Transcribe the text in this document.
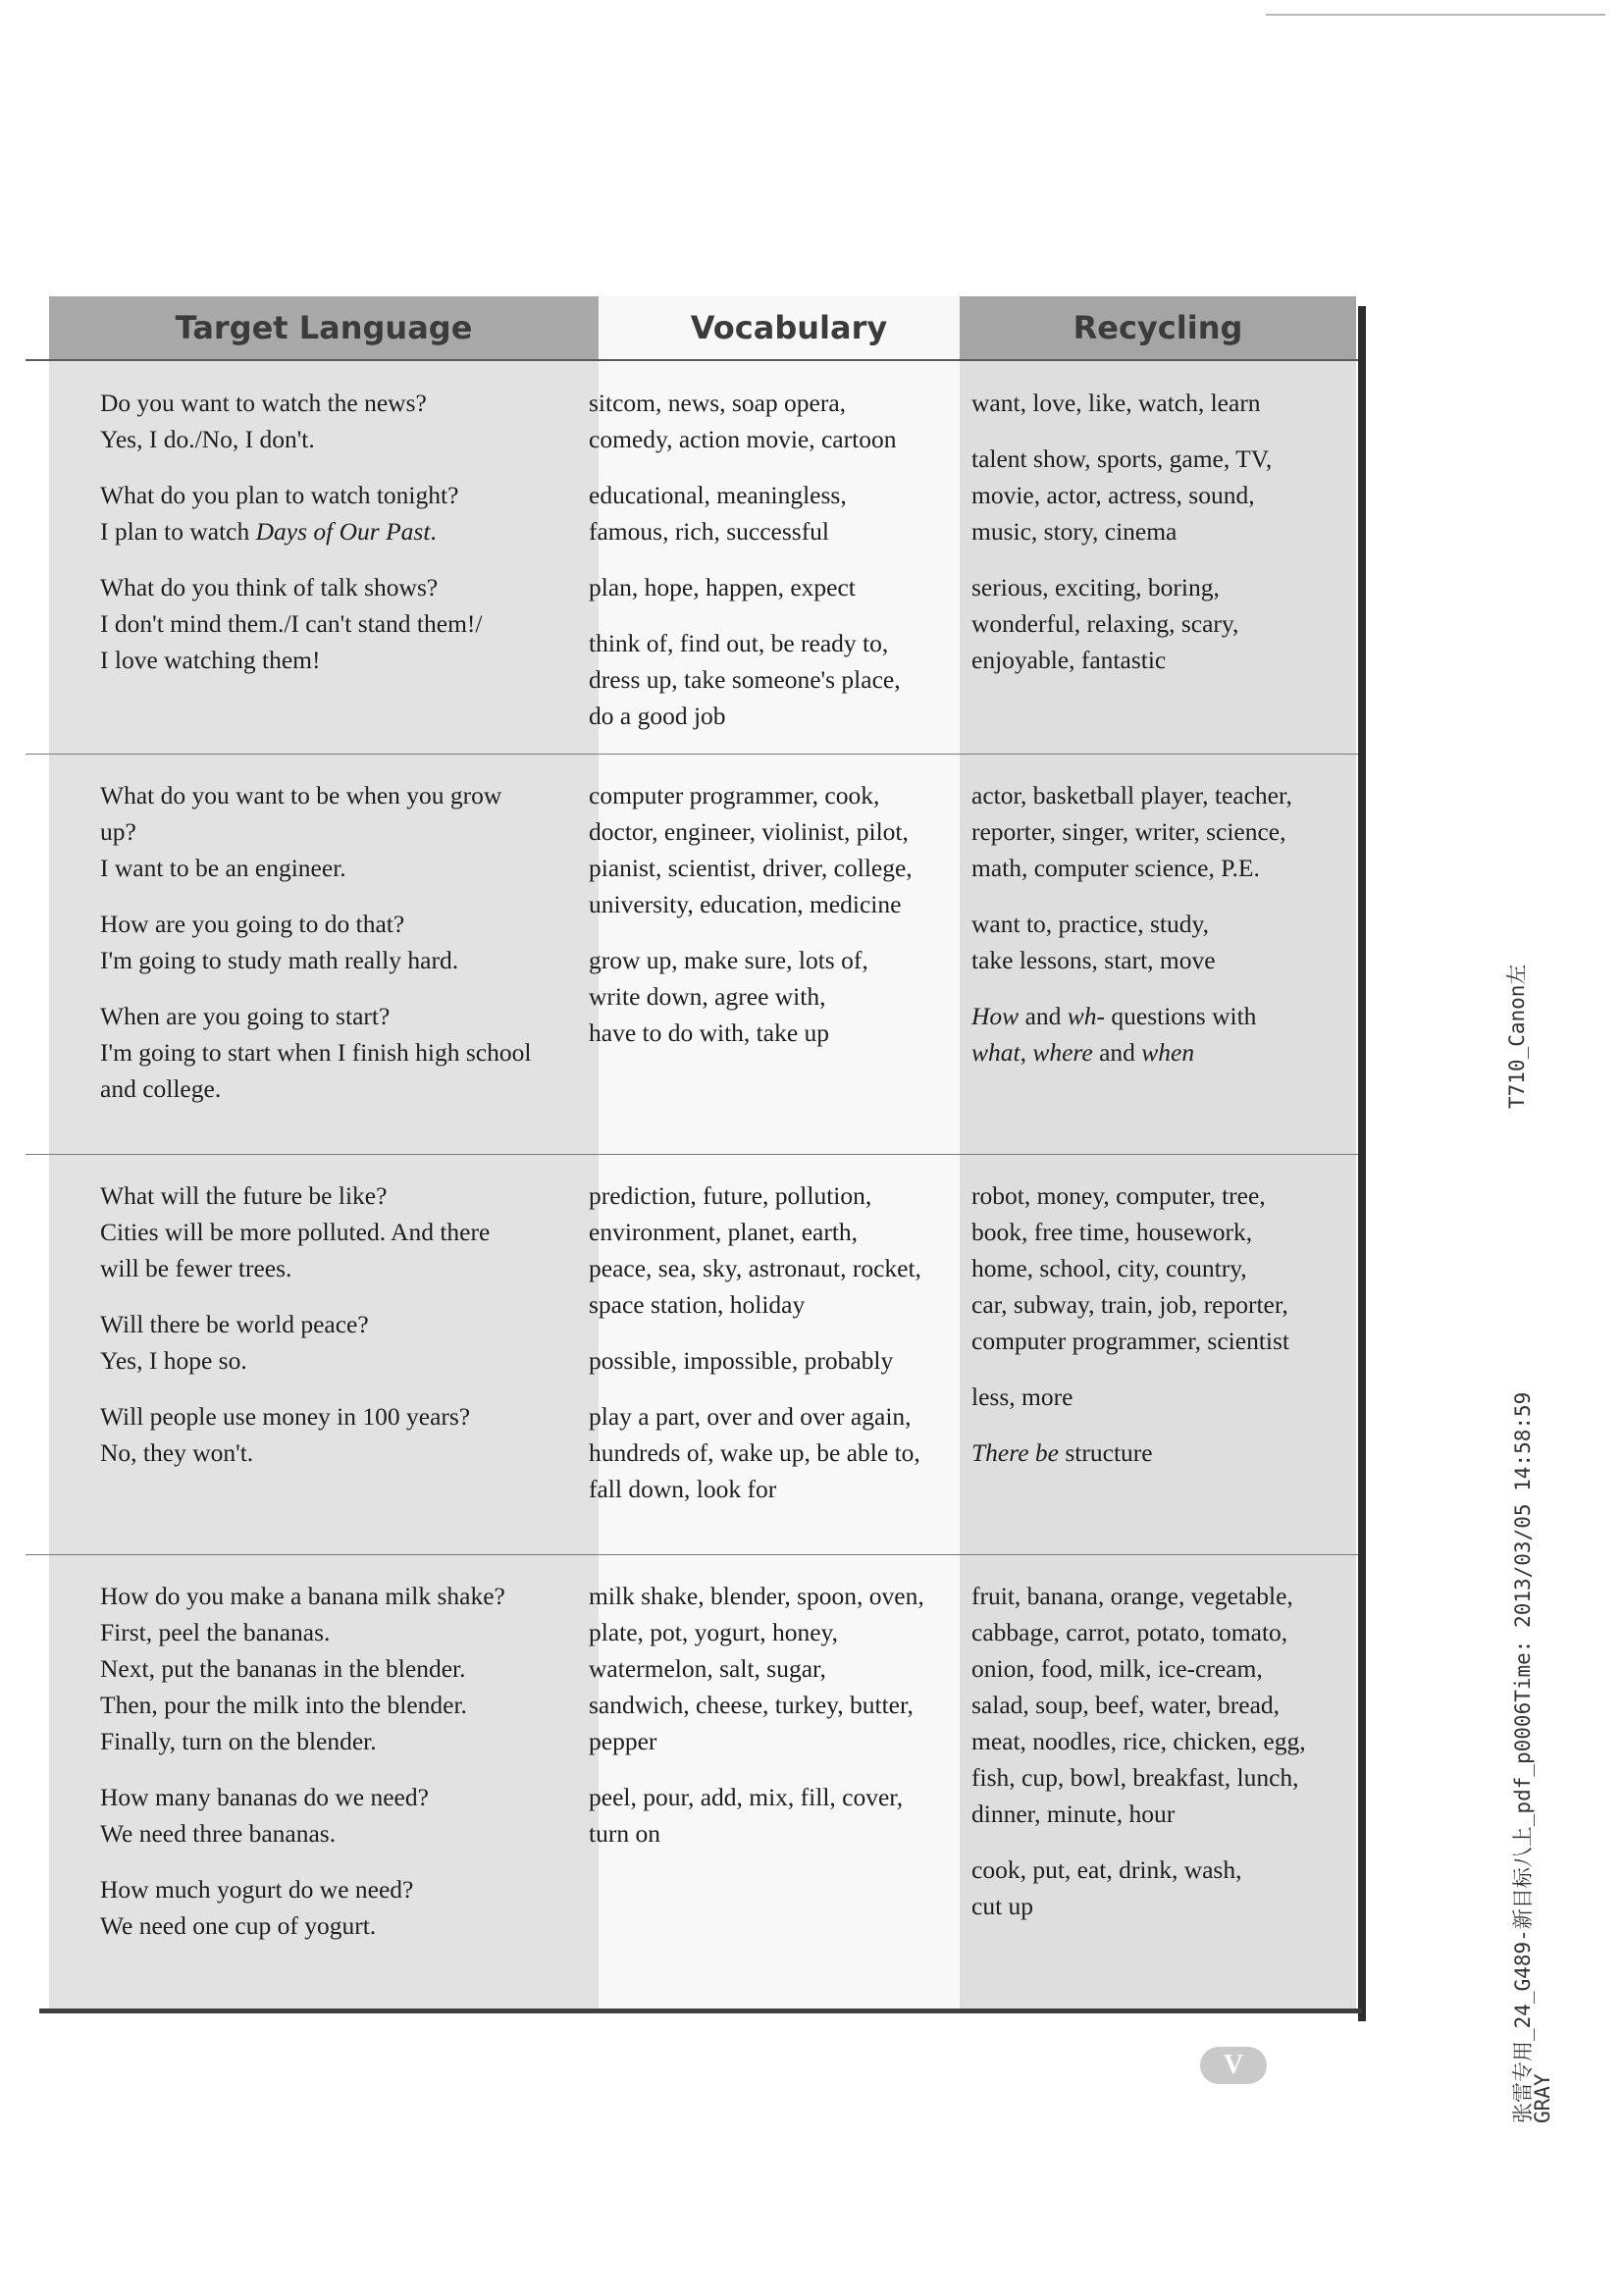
Target Language	Vocabulary	Recycling
Do you want to watch the news?
Yes, I do./No, I don't.
What do you plan to watch tonight?
I plan to watch Days of Our Past.
What do you think of talk shows?
I don't mind them./I can't stand them!/
I love watching them!
sitcom, news, soap opera,
comedy, action movie, cartoon
educational, meaningless,
famous, rich, successful
plan, hope, happen, expect
think of, find out, be ready to,
dress up, take someone's place,
do a good job
want, love, like, watch, learn
talent show, sports, game, TV,
movie, actor, actress, sound,
music, story, cinema
serious, exciting, boring,
wonderful, relaxing, scary,
enjoyable, fantastic
What do you want to be when you grow
up?
I want to be an engineer.
How are you going to do that?
I'm going to study math really hard.
When are you going to start?
I'm going to start when I finish high school
and college.
computer programmer, cook,
doctor, engineer, violinist, pilot,
pianist, scientist, driver, college,
university, education, medicine
grow up, make sure, lots of,
write down, agree with,
have to do with, take up
actor, basketball player, teacher,
reporter, singer, writer, science,
math, computer science, P.E.
want to, practice, study,
take lessons, start, move
How and wh- questions with
what, where and when
What will the future be like?
Cities will be more polluted. And there
will be fewer trees.
Will there be world peace?
Yes, I hope so.
Will people use money in 100 years?
No, they won't.
prediction, future, pollution,
environment, planet, earth,
peace, sea, sky, astronaut, rocket,
space station, holiday
possible, impossible, probably
play a part, over and over again,
hundreds of, wake up, be able to,
fall down, look for
robot, money, computer, tree,
book, free time, housework,
home, school, city, country,
car, subway, train, job, reporter,
computer programmer, scientist
less, more
There be structure
How do you make a banana milk shake?
First, peel the bananas.
Next, put the bananas in the blender.
Then, pour the milk into the blender.
Finally, turn on the blender.
How many bananas do we need?
We need three bananas.
How much yogurt do we need?
We need one cup of yogurt.
milk shake, blender, spoon, oven,
plate, pot, yogurt, honey,
watermelon, salt, sugar,
sandwich, cheese, turkey, butter,
pepper
peel, pour, add, mix, fill, cover,
turn on
fruit, banana, orange, vegetable,
cabbage, carrot, potato, tomato,
onion, food, milk, ice-cream,
salad, soup, beef, water, bread,
meat, noodles, rice, chicken, egg,
fish, cup, bowl, breakfast, lunch,
dinner, minute, hour
cook, put, eat, drink, wash,
cut up
V
T710_Canon左
张雷专用_24_G489-新目标八上_pdf_p0006Time: 2013/03/05 14:58:59
GRAY
